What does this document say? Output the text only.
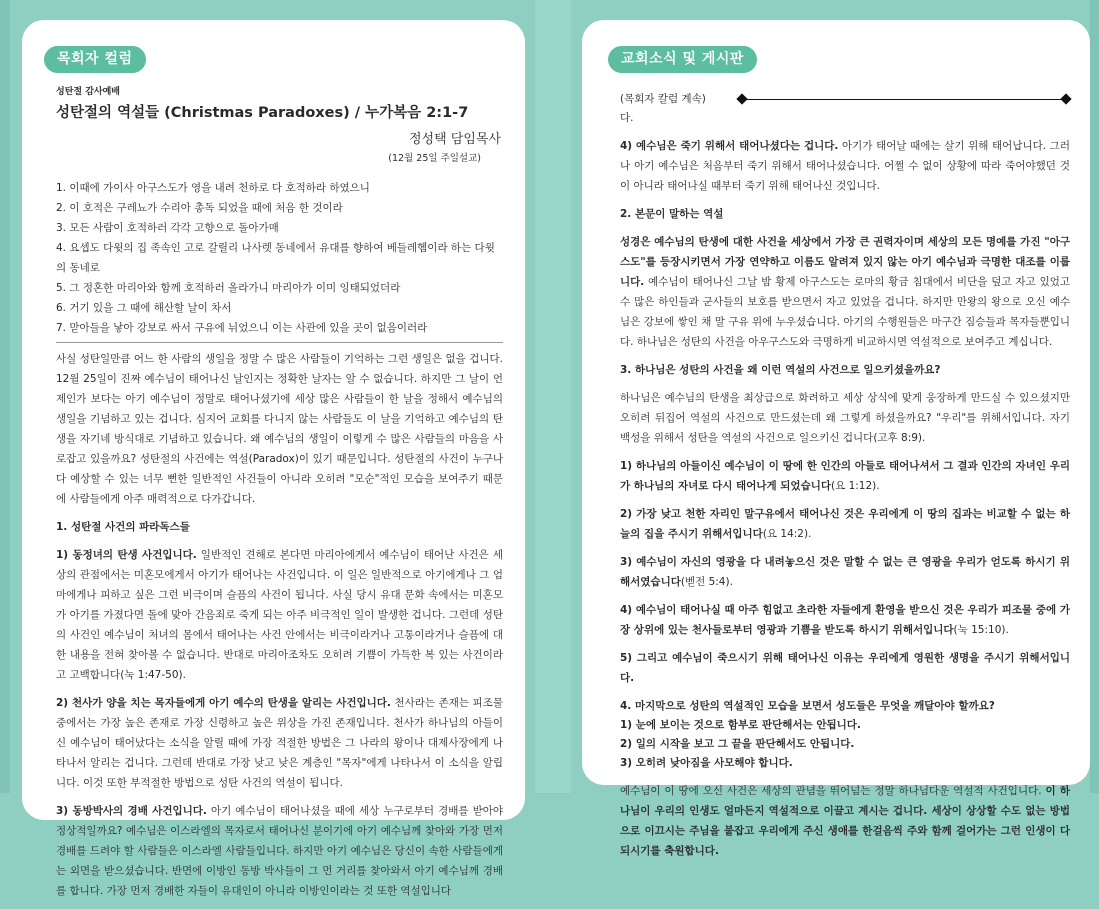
목회자 컬럼
성탄절 감사예배
성탄절의 역설들 (Christmas Paradoxes) / 누가복음 2:1-7
정성택 담임목사
(12월 25일 주일설교)
1. 이때에 가이사 아구스도가 영을 내려 천하로 다 호적하라 하였으니
2. 이 호적은 구레뇨가 수리아 총독 되었을 때에 처음 한 것이라
3. 모든 사람이 호적하러 각각 고향으로 돌아가매
4. 요셉도 다윗의 집 족속인 고로 갈릴리 나사렛 동네에서 유대를 향하여 베들레헴이라 하는 다윗의 동네로
5. 그 정혼한 마리아와 함께 호적하러 올라가니 마리아가 이미 잉태되었더라
6. 거기 있을 그 때에 해산할 날이 차서
7. 맏아들을 낳아 강보로 싸서 구유에 뉘었으니 이는 사관에 있을 곳이 없음이러라

사실 성탄일만큼 어느 한 사람의 생일을 정말 수 많은 사람들이 기억하는 그런 생일은 없을 겁니다. 12월 25일이 진짜 예수님이 태어나신 날인지는 정확한 날자는 알 수 없습니다. 하지만 그 날이 언제인가 보다는 아기 예수님이 정말로 태어나셨기에 세상 많은 사람들이 한 날을 정해서 예수님의 생일을 기념하고 있는 겁니다. 심지어 교회를 다니지 않는 사람들도 이 날을 기억하고 예수님의 탄생을 자기네 방식대로 기념하고 있습니다. 왜 예수님의 생일이 이렇게 수 많은 사람들의 마음을 사로잡고 있을까요? 성탄절의 사건에는 역설(Paradox)이 있기 때문입니다. 성탄절의 사건이 누구나 다 예상할 수 있는 너무 뻔한 일반적인 사건들이 아니라 오히려 "모순"적인 모습을 보여주기 때문에 사람들에게 아주 매력적으로 다가갑니다.

1. 성탄절 사건의 파라독스들

1) 동정녀의 탄생 사건입니다. 일반적인 견해로 본다면 마리아에게서 예수님이 태어난 사건은 세상의 관점에서는 미혼모에게서 아기가 태어나는 사건입니다. 이 일은 일반적으로 아기에게나 그 엄마에게나 피하고 싶은 그런 비극이며 슬픔의 사건이 됩니다. 사실 당시 유대 문화 속에서는 미혼모가 아기를 가졌다면 돌에 맞아 간음죄로 죽게 되는 아주 비극적인 일이 발생한 겁니다. 그런데 성탄의 사건인 예수님이 처녀의 몸에서 태어나는 사건 안에서는 비극이라거나 고통이라거나 슬픔에 대한 내용을 전혀 찾아볼 수 없습니다. 반대로 마리아조차도 오히려 기쁨이 가득한 복 있는 사건이라고 고백합니다(눅 1:47-50).

2) 천사가 양을 치는 목자들에게 아기 예수의 탄생을 알리는 사건입니다. 천사라는 존재는 피조물중에서는 가장 높은 존재로 가장 신령하고 높은 위상을 가진 존재입니다. 천사가 하나님의 아들이신 예수님이 태어났다는 소식을 알릴 때에 가장 적절한 방법은 그 나라의 왕이나 대제사장에게 나타나서 알리는 겁니다. 그런데 반대로 가장 낮고 낮은 계층인 "목자"에게 나타나서 이 소식을 알립니다. 이것 또한 부적절한 방법으로 성탄 사건의 역설이 됩니다.

3) 동방박사의 경배 사건입니다. 아기 예수님이 태어나셨을 때에 세상 누구로부터 경배를 받아야 정상적일까요? 예수님은 이스라엘의 목자로서 태어나신 분이기에 아기 예수님께 찾아와 가장 먼저 경배를 드려야 할 사람들은 이스라엘 사람들입니다. 하지만 아기 예수님은 당신이 속한 사람들에게는 외면을 받으셨습니다. 반면에 이방인 동방 박사들이 그 먼 거리를 찾아와서 아기 예수님께 경배를 합니다. 가장 먼저 경배한 자들이 유대인이 아니라 이방인이라는 것 또한 역설입니다

교회소식 및 게시판
(목회자 칼럼 계속)

다.

4) 예수님은 죽기 위해서 태어나셨다는 겁니다. 아기가 태어날 때에는 살기 위해 태어납니다. 그러나 아기 예수님은 처음부터 죽기 위해서 태어나셨습니다. 어쩔 수 없이 상황에 따라 죽어야했던 것이 아니라 태어나실 때부터 죽기 위해 태어나신 것입니다.

2. 본문이 말하는 역설

성경은 예수님의 탄생에 대한 사건을 세상에서 가장 큰 권력자이며 세상의 모든 명예를 가진 "아구스도"를 등장시키면서 가장 연약하고 이름도 알려져 있지 않는 아기 예수님과 극명한 대조를 이룹니다. 예수님이 태어나신 그날 밤 황제 아구스도는 로마의 황금 침대에서 비단을 덮고 자고 있었고 수 많은 하인들과 군사들의 보호를 받으면서 자고 있었을 겁니다. 하지만 만왕의 왕으로 오신 예수님은 강보에 쌓인 채 말 구유 위에 누우셨습니다. 아기의 수행원들은 마구간 짐승들과 목자들뿐입니다. 하나님은 성탄의 사건을 아우구스도와 극명하게 비교하시면 역설적으로 보여주고 계십니다.

3. 하나님은 성탄의 사건을 왜 이런 역설의 사건으로 일으키셨을까요?

하나님은 예수님의 탄생을 최상급으로 화려하고 세상 상식에 맞게 웅장하게 만드실 수 있으셨지만 오히려 뒤집어 역설의 사건으로 만드셨는데 왜 그렇게 하셨을까요? "우리"를 위해서입니다. 자기 백성을 위해서 성탄을 역설의 사건으로 일으키신 겁니다(고후 8:9).

1) 하나님의 아들이신 예수님이 이 땅에 한 인간의 아들로 태어나셔서 그 결과 인간의 자녀인 우리가 하나님의 자녀로 다시 태어나게 되었습니다(요 1:12).

2) 가장 낮고 천한 자리인 말구유에서 태어나신 것은 우리에게 이 땅의 집과는 비교할 수 없는 하늘의 집을 주시기 위해서입니다(요 14:2).

3) 예수님이 자신의 영광을 다 내려놓으신 것은 말할 수 없는 큰 영광을 우리가 얻도록 하시기 위해서였습니다(벧전 5:4).

4) 예수님이 태어나실 때 아주 힘없고 초라한 자들에게 환영을 받으신 것은 우리가 피조물 중에 가장 상위에 있는 천사들로부터 영광과 기쁨을 받도록 하시기 위해서입니다(눅 15:10).

5) 그리고 예수님이 죽으시기 위해 태어나신 이유는 우리에게 영원한 생명을 주시기 위해서입니다.

4. 마지막으로 성탄의 역설적인 모습을 보면서 성도들은 무엇을 깨달아야 할까요?

1) 눈에 보이는 것으로 함부로 판단해서는 안됩니다.
2) 일의 시작을 보고 그 끝을 판단해서도 안됩니다.
3) 오히려 낮아짐을 사모해야 합니다.

예수님이 이 땅에 오신 사건은 세상의 관념을 뛰어넘는 정말 하나님다운 역설적 사건입니다. 이 하나님이 우리의 인생도 얼마든지 역설적으로 이끌고 계시는 겁니다. 세상이 상상할 수도 없는 방법으로 이끄시는 주님을 붙잡고 우리에게 주신 생애를 한걸음씩 주와 함께 걸어가는 그런 인생이 다 되시기를 축원합니다.
